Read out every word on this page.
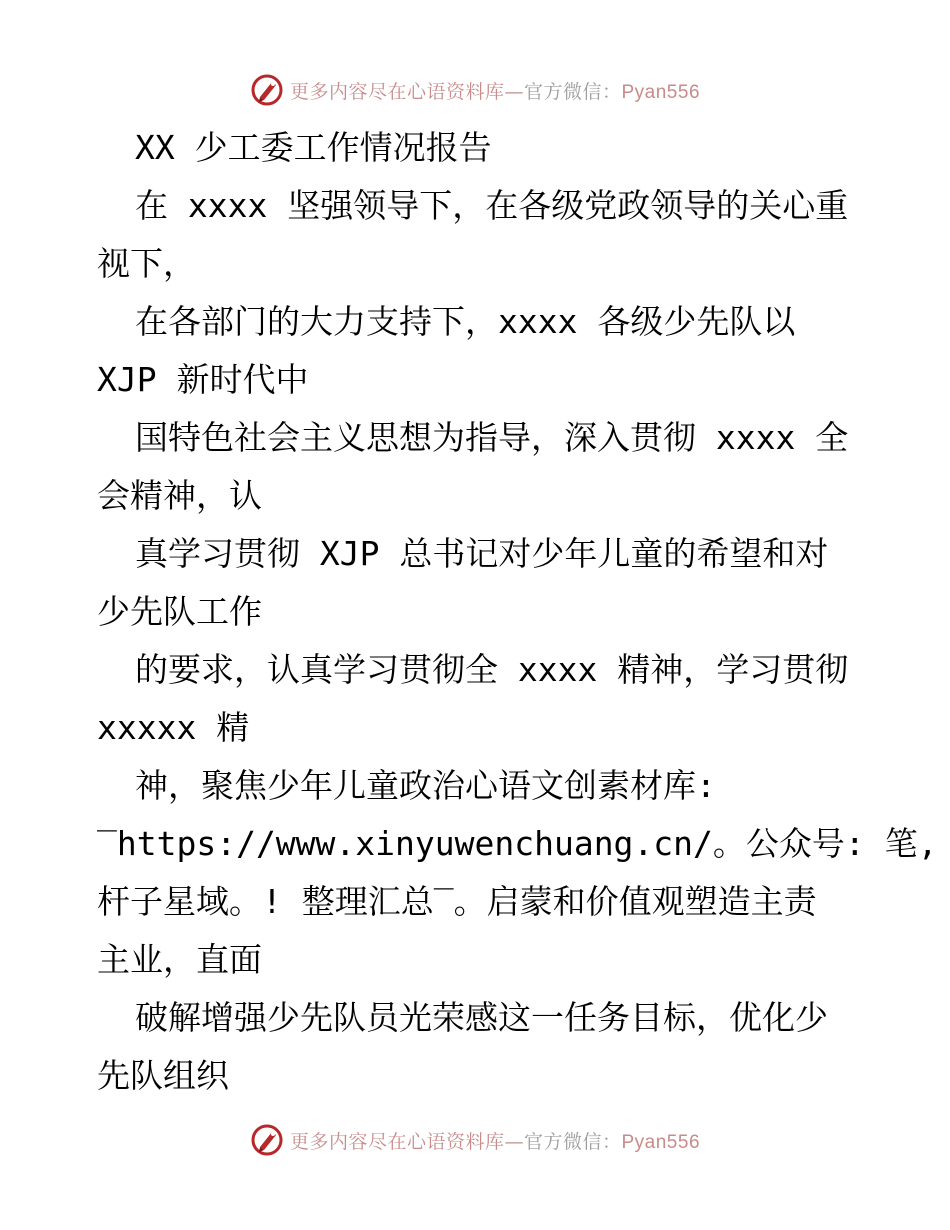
更多内容尽在心语资料库—官方微信：Pyan556
XX 少工委工作情况报告
在 xxxx 坚强领导下，在各级党政领导的关心重
视下，
在各部门的大力支持下，xxxx 各级少先队以
XJP 新时代中
国特色社会主义思想为指导，深入贯彻 xxxx 全
会精神，认
真学习贯彻 XJP 总书记对少年儿童的希望和对
少先队工作
的要求，认真学习贯彻全 xxxx 精神，学习贯彻
xxxxx 精
神，聚焦少年儿童政治心语文创素材库:
‾https://www.xinyuwenchuang.cn/。公众号: 笔,
杆子星域。! 整理汇总‾。启蒙和价值观塑造主责
主业，直面
破解增强少先队员光荣感这一任务目标，优化少
先队组织
更多内容尽在心语资料库—官方微信：Pyan556
